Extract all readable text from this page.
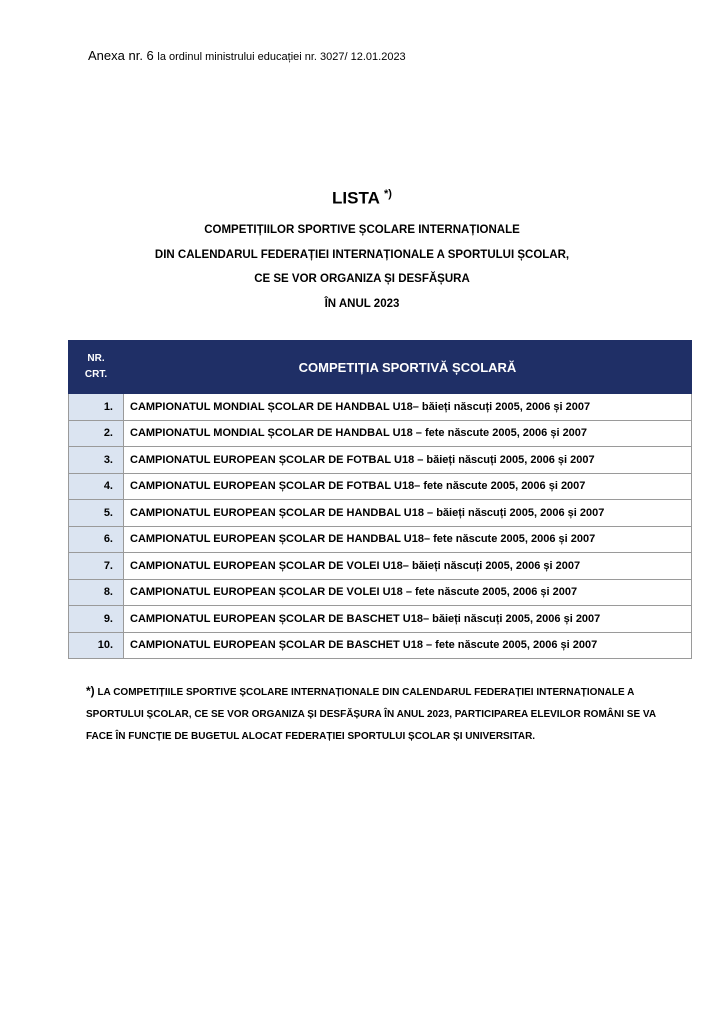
Anexa nr. 6 la ordinul ministrului educației nr. 3027/ 12.01.2023
LISTA *)
COMPETIȚIILOR SPORTIVE ȘCOLARE INTERNAȚIONALE
DIN CALENDARUL FEDERAȚIEI INTERNAȚIONALE A SPORTULUI ȘCOLAR,
CE SE VOR ORGANIZA ȘI DESFĂȘURA
ÎN ANUL 2023
NR.
CRT.	COMPETIȚIA SPORTIVĂ ȘCOLARĂ
1.	CAMPIONATUL MONDIAL ȘCOLAR DE HANDBAL U18– băieți născuți 2005, 2006 și 2007
2.	CAMPIONATUL MONDIAL ȘCOLAR DE HANDBAL U18 – fete născute 2005, 2006 și 2007
3.	CAMPIONATUL EUROPEAN ȘCOLAR DE FOTBAL U18 – băieți născuți 2005, 2006 și 2007
4.	CAMPIONATUL EUROPEAN ȘCOLAR DE FOTBAL U18– fete născute 2005, 2006 și 2007
5.	CAMPIONATUL EUROPEAN ȘCOLAR DE HANDBAL U18 – băieți născuți 2005, 2006 și 2007
6.	CAMPIONATUL EUROPEAN ȘCOLAR DE HANDBAL U18– fete născute 2005, 2006 și 2007
7.	CAMPIONATUL EUROPEAN ȘCOLAR DE VOLEI U18– băieți născuți 2005, 2006 și 2007
8.	CAMPIONATUL EUROPEAN ȘCOLAR DE VOLEI U18 – fete născute 2005, 2006 și 2007
9.	CAMPIONATUL EUROPEAN ȘCOLAR DE BASCHET U18– băieți născuți 2005, 2006 și 2007
10.	CAMPIONATUL EUROPEAN ȘCOLAR DE BASCHET U18 – fete născute 2005, 2006 și 2007
*) LA COMPETIȚIILE SPORTIVE ȘCOLARE INTERNAȚIONALE DIN CALENDARUL FEDERAȚIEI INTERNAȚIONALE A SPORTULUI ȘCOLAR, CE SE VOR ORGANIZA ȘI DESFĂȘURA ÎN ANUL 2023, PARTICIPAREA ELEVILOR ROMÂNI SE VA FACE ÎN FUNCȚIE DE BUGETUL ALOCAT FEDERAȚIEI SPORTULUI ȘCOLAR ȘI UNIVERSITAR.
